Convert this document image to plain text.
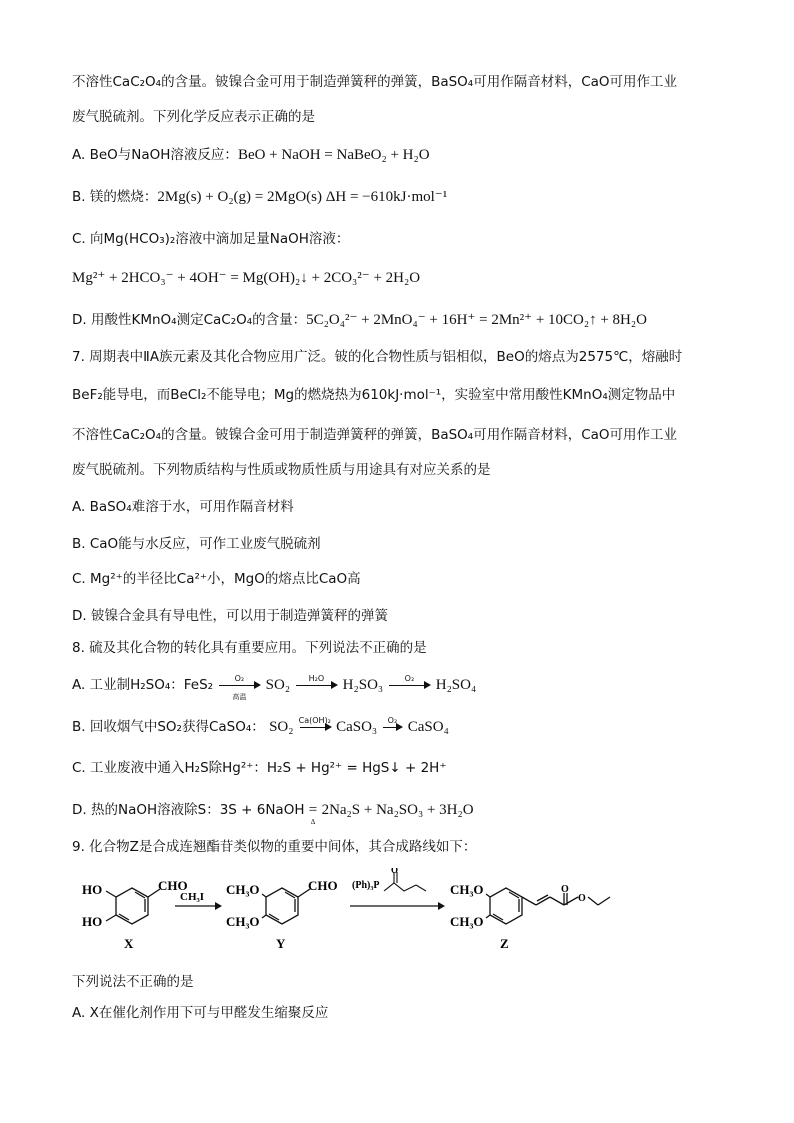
不溶性CaC₂O₄的含量。铍镍合金可用于制造弹簧秤的弹簧，BaSO₄可用作隔音材料，CaO可用作工业
废气脱硫剂。下列化学反应表示正确的是
A. BeO与NaOH溶液反应：BeO + NaOH = NaBeO₂ + H₂O
B. 镁的燃烧：2Mg(s) + O₂(g) = 2MgO(s) ΔH = −610kJ·mol⁻¹
C. 向Mg(HCO₃)₂溶液中滴加足量NaOH溶液：
Mg²⁺ + 2HCO₃⁻ + 4OH⁻ = Mg(OH)₂↓ + 2CO₃²⁻ + 2H₂O
D. 用酸性KMnO₄测定CaC₂O₄的含量：5C₂O₄²⁻ + 2MnO₄⁻ + 16H⁺ = 2Mn²⁺ + 10CO₂↑ + 8H₂O
7. 周期表中ⅡA族元素及其化合物应用广泛。铍的化合物性质与铝相似，BeO的熔点为2575℃，熔融时
BeF₂能导电，而BeCl₂不能导电；Mg的燃烧热为610kJ·mol⁻¹，实验室中常用酸性KMnO₄测定物品中
不溶性CaC₂O₄的含量。铍镍合金可用于制造弹簧秤的弹簧，BaSO₄可用作隔音材料，CaO可用作工业
废气脱硫剂。下列物质结构与性质或物质性质与用途具有对应关系的是
A. BaSO₄难溶于水，可用作隔音材料
B. CaO能与水反应，可作工业废气脱硫剂
C. Mg²⁺的半径比Ca²⁺小，MgO的熔点比CaO高
D. 铍镍合金具有导电性，可以用于制造弹簧秤的弹簧
8. 硫及其化合物的转化具有重要应用。下列说法不正确的是
A. 工业制H₂SO₄：FeS₂	O₂
高温
SO₂	H₂O	H₂SO₃	O₂	H₂SO₄
B. 回收烟气中SO₂获得CaSO₄： SO₂ Ca(OH)₂ CaSO₃	O₂ CaSO₄
C. 工业废液中通入H₂S除Hg²⁺：H₂S + Hg²⁺ = HgS↓ + 2H⁺
D. 热的NaOH溶液除S：3S + 6NaOH =
Δ
2Na₂S + Na₂SO₃ + 3H₂O
9. 化合物Z是合成连翘酯苷类似物的重要中间体，其合成路线如下：
HO
HO
CHO
X
CH₃I CH₃O
CH₃O
CHO
Y
(Ph)₃P
O
CH₃O
CH₃O
O
O
Z
下列说法不正确的是
A. X在催化剂作用下可与甲醛发生缩聚反应
